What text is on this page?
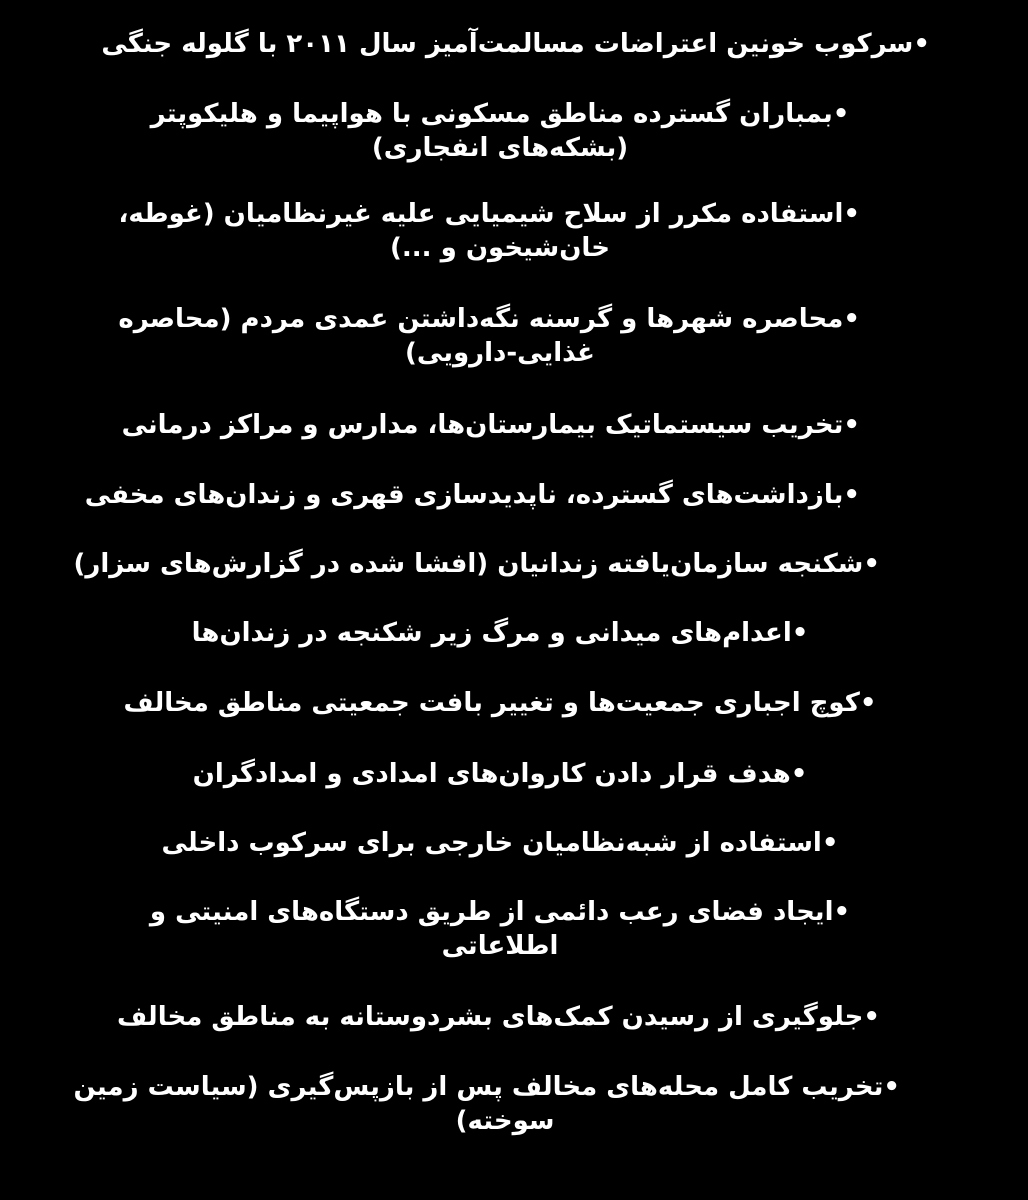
•سرکوب خونین اعتراضات مسالمت‌آمیز سال ۲۰۱۱ با گلوله جنگی
•بمباران گسترده مناطق مسکونی با هواپیما و هلیکوپتر
(بشکه‌های انفجاری)
•استفاده مکرر از سلاح شیمیایی علیه غیرنظامیان (غوطه،
خان‌شیخون و ...)
•محاصره شهرها و گرسنه نگه‌داشتن عمدی مردم (محاصره
غذایی-دارویی)
•تخریب سیستماتیک بیمارستان‌ها، مدارس و مراکز درمانی
•بازداشت‌های گسترده، ناپدیدسازی قهری و زندان‌های مخفی
•شکنجه سازمان‌یافته زندانیان (افشا شده در گزارش‌های سزار)
•اعدام‌های میدانی و مرگ زیر شکنجه در زندان‌ها
•کوچ اجباری جمعیت‌ها و تغییر بافت جمعیتی مناطق مخالف
•هدف قرار دادن کاروان‌های امدادی و امدادگران
•استفاده از شبه‌نظامیان خارجی برای سرکوب داخلی
•ایجاد فضای رعب دائمی از طریق دستگاه‌های امنیتی و
اطلاعاتی
•جلوگیری از رسیدن کمک‌های بشردوستانه به مناطق مخالف
•تخریب کامل محله‌های مخالف پس از بازپس‌گیری (سیاست زمین
سوخته)
